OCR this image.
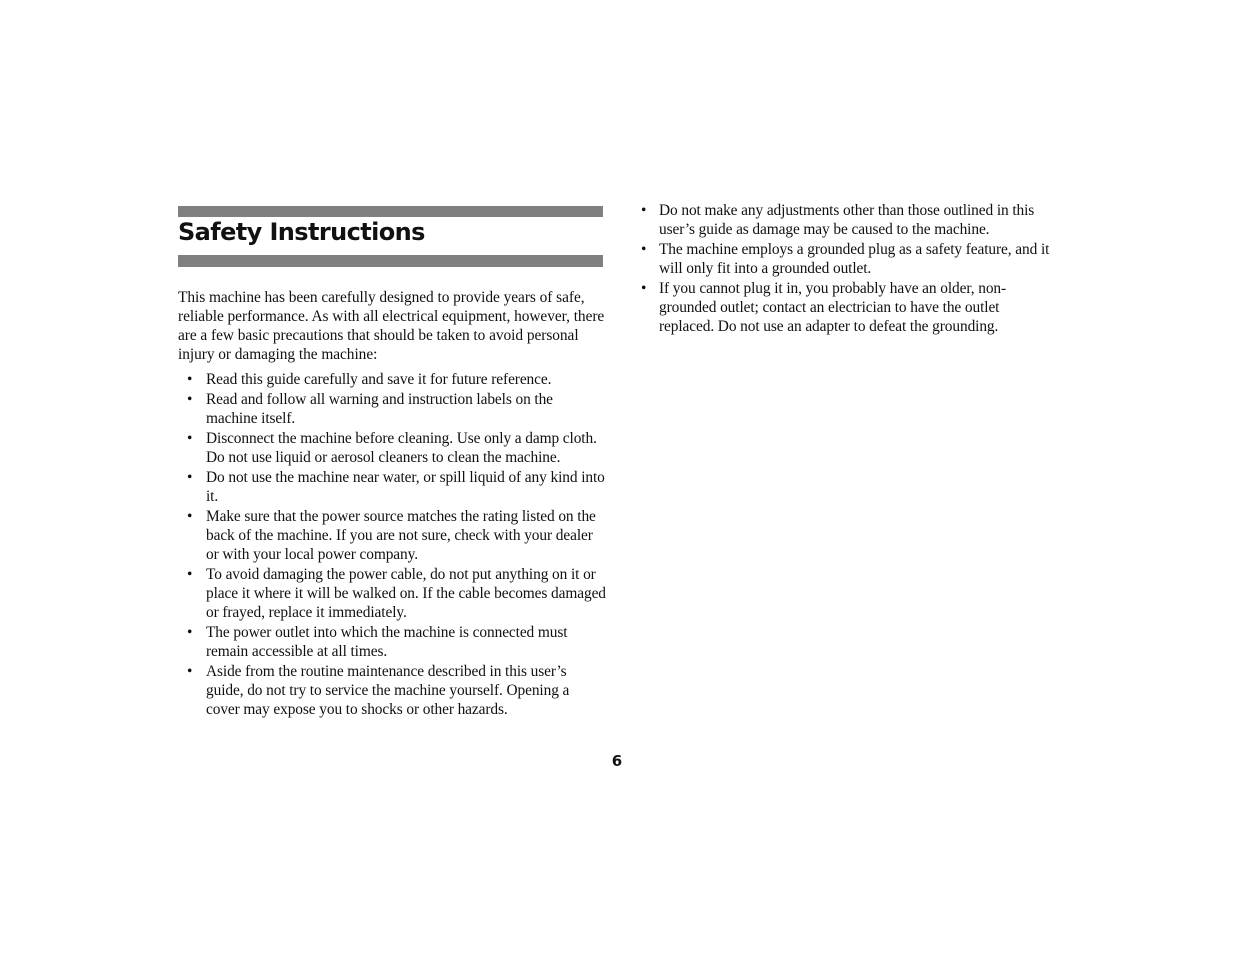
Safety Instructions

This machine has been carefully designed to provide years of safe, reliable performance. As with all electrical equipment, however, there are a few basic precautions that should be taken to avoid personal injury or damaging the machine:

• Read this guide carefully and save it for future reference.
• Read and follow all warning and instruction labels on the machine itself.
• Disconnect the machine before cleaning. Use only a damp cloth. Do not use liquid or aerosol cleaners to clean the machine.
• Do not use the machine near water, or spill liquid of any kind into it.
• Make sure that the power source matches the rating listed on the back of the machine. If you are not sure, check with your dealer or with your local power company.
• To avoid damaging the power cable, do not put anything on it or place it where it will be walked on. If the cable becomes damaged or frayed, replace it immediately.
• The power outlet into which the machine is connected must remain accessible at all times.
• Aside from the routine maintenance described in this user’s guide, do not try to service the machine yourself. Opening a cover may expose you to shocks or other hazards.
• Do not make any adjustments other than those outlined in this user’s guide as damage may be caused to the machine.
• The machine employs a grounded plug as a safety feature, and it will only fit into a grounded outlet.
• If you cannot plug it in, you probably have an older, non-grounded outlet; contact an electrician to have the outlet replaced. Do not use an adapter to defeat the grounding.
6
